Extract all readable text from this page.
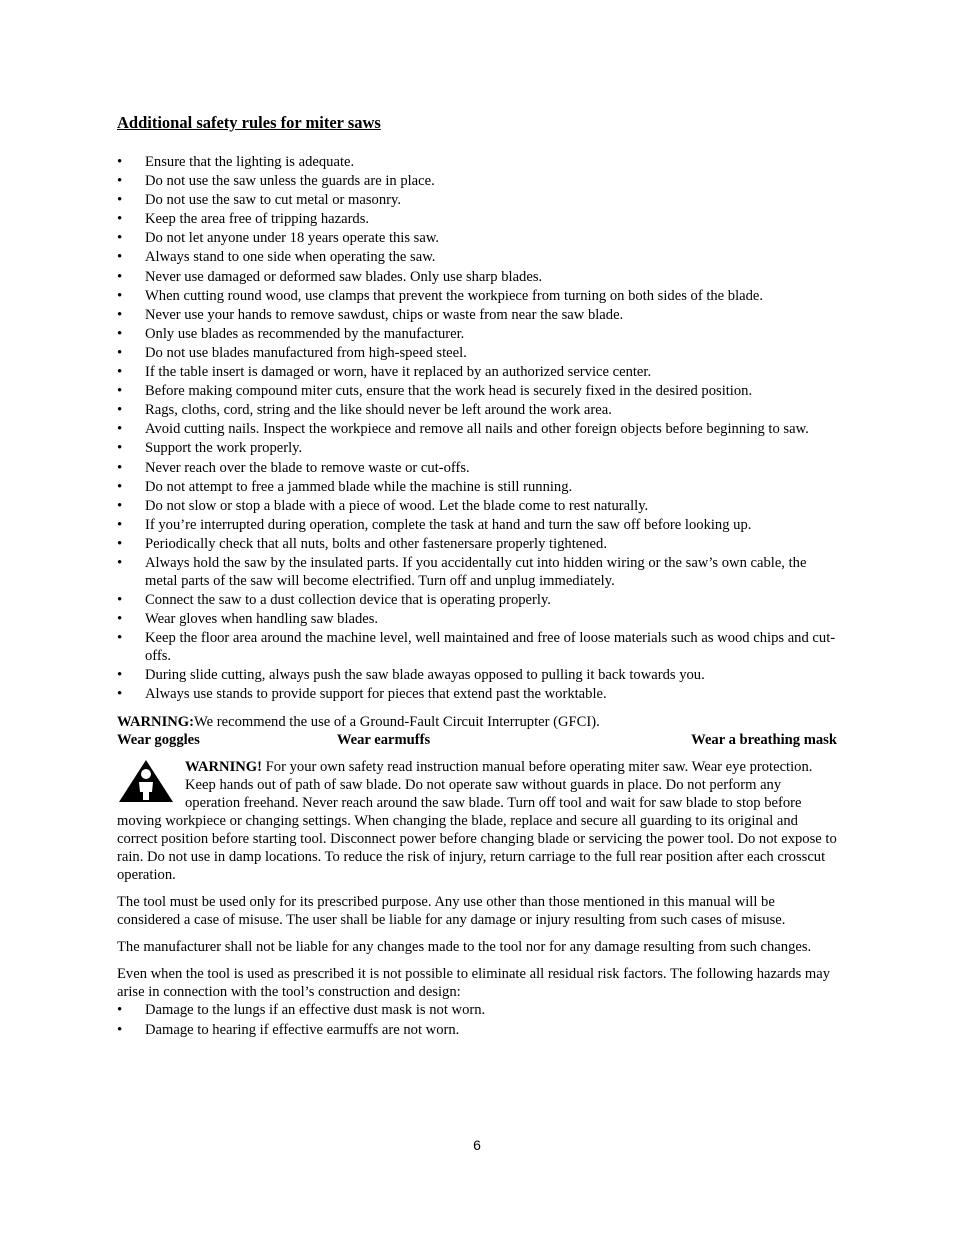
Additional safety rules for miter saws
• Ensure that the lighting is adequate.
• Do not use the saw unless the guards are in place.
• Do not use the saw to cut metal or masonry.
• Keep the area free of tripping hazards.
• Do not let anyone under 18 years operate this saw.
• Always stand to one side when operating the saw.
• Never use damaged or deformed saw blades. Only use sharp blades.
• When cutting round wood, use clamps that prevent the workpiece from turning on both sides of the blade.
• Never use your hands to remove sawdust, chips or waste from near the saw blade.
• Only use blades as recommended by the manufacturer.
• Do not use blades manufactured from high-speed steel.
• If the table insert is damaged or worn, have it replaced by an authorized service center.
• Before making compound miter cuts, ensure that the work head is securely fixed in the desired position.
• Rags, cloths, cord, string and the like should never be left around the work area.
• Avoid cutting nails. Inspect the workpiece and remove all nails and other foreign objects before beginning to saw.
• Support the work properly.
• Never reach over the blade to remove waste or cut-offs.
• Do not attempt to free a jammed blade while the machine is still running.
• Do not slow or stop a blade with a piece of wood. Let the blade come to rest naturally.
• If you’re interrupted during operation, complete the task at hand and turn the saw off before looking up.
• Periodically check that all nuts, bolts and other fastenersare properly tightened.
• Always hold the saw by the insulated parts. If you accidentally cut into hidden wiring or the saw’s own cable, the metal parts of the saw will become electrified. Turn off and unplug immediately.
• Connect the saw to a dust collection device that is operating properly.
• Wear gloves when handling saw blades.
• Keep the floor area around the machine level, well maintained and free of loose materials such as wood chips and cut-offs.
• During slide cutting, always push the saw blade awayas opposed to pulling it back towards you.
• Always use stands to provide support for pieces that extend past the worktable.
WARNING:We recommend the use of a Ground-Fault Circuit Interrupter (GFCI).
Wear goggles	Wear earmuffs	Wear a breathing mask
WARNING! For your own safety read instruction manual before operating miter saw. Wear eye protection. Keep hands out of path of saw blade. Do not operate saw without guards in place. Do not perform any operation freehand. Never reach around the saw blade. Turn off tool and wait for saw blade to stop before moving workpiece or changing settings. When changing the blade, replace and secure all guarding to its original and correct position before starting tool. Disconnect power before changing blade or servicing the power tool. Do not expose to rain. Do not use in damp locations. To reduce the risk of injury, return carriage to the full rear position after each crosscut operation.

The tool must be used only for its prescribed purpose. Any use other than those mentioned in this manual will be considered a case of misuse. The user shall be liable for any damage or injury resulting from such cases of misuse.

The manufacturer shall not be liable for any changes made to the tool nor for any damage resulting from such changes.

Even when the tool is used as prescribed it is not possible to eliminate all residual risk factors. The following hazards may arise in connection with the tool’s construction and design:

• Damage to the lungs if an effective dust mask is not worn.
• Damage to hearing if effective earmuffs are not worn.
6
